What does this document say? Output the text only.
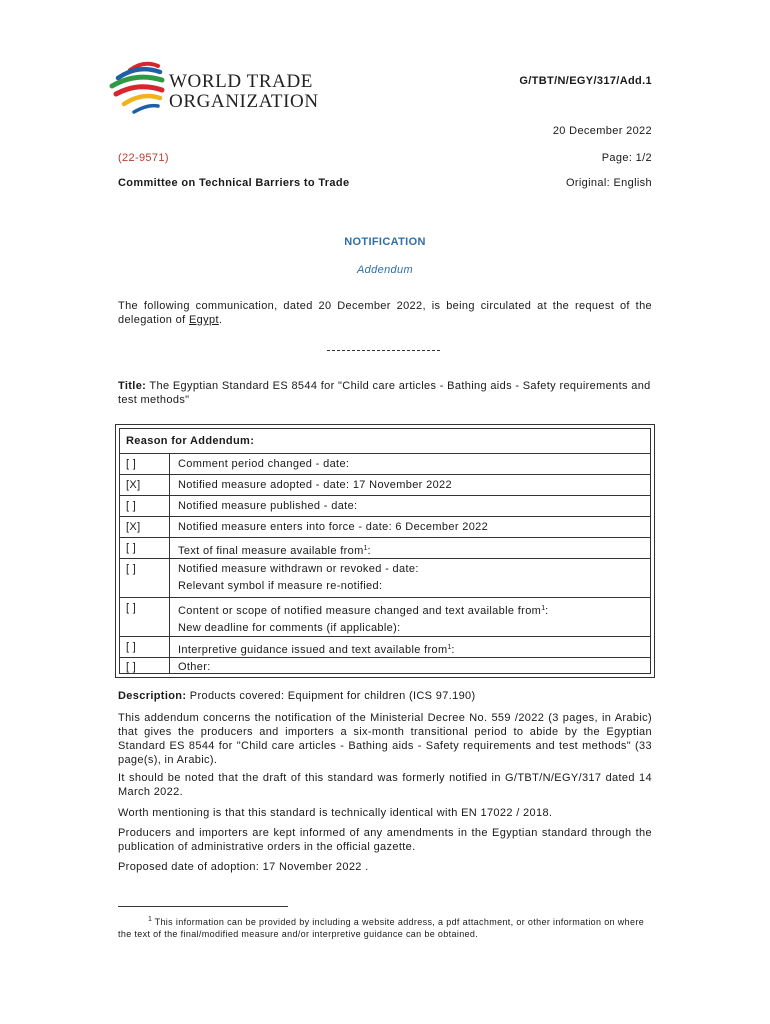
WORLD TRADE
ORGANIZATION
G/TBT/N/EGY/317/Add.1
20 December 2022
(22-9571)	Page: 1/2
Committee on Technical Barriers to Trade	Original: English
NOTIFICATION
Addendum
The following communication, dated 20 December 2022, is being circulated at the request of the delegation of Egypt.
Title: The Egyptian Standard ES 8544 for "Child care articles - Bathing aids - Safety requirements and test methods"
Reason for Addendum:
[ ]	Comment period changed - date:
[X]	Notified measure adopted - date: 17 November 2022
[ ]	Notified measure published - date:
[X]	Notified measure enters into force - date: 6 December 2022
[ ]	Text of final measure available from$^1$:
[ ]	Notified measure withdrawn or revoked - date:
Relevant symbol if measure re-notified:
[ ]	Content or scope of notified measure changed and text available from$^1$:
New deadline for comments (if applicable):
[ ]	Interpretive guidance issued and text available from$^1$:
[ ]	Other:
Description: Products covered: Equipment for children (ICS 97.190)
This addendum concerns the notification of the Ministerial Decree No. 559 /2022 (3 pages, in Arabic) that gives the producers and importers a six-month transitional period to abide by the Egyptian Standard ES 8544 for "Child care articles - Bathing aids - Safety requirements and test methods" (33 page(s), in Arabic).
It should be noted that the draft of this standard was formerly notified in G/TBT/N/EGY/317 dated 14 March 2022.
Worth mentioning is that this standard is technically identical with EN 17022 / 2018.
Producers and importers are kept informed of any amendments in the Egyptian standard through the publication of administrative orders in the official gazette.
Proposed date of adoption: 17 November 2022 .
$^1$ This information can be provided by including a website address, a pdf attachment, or other information on where the text of the final/modified measure and/or interpretive guidance can be obtained.
